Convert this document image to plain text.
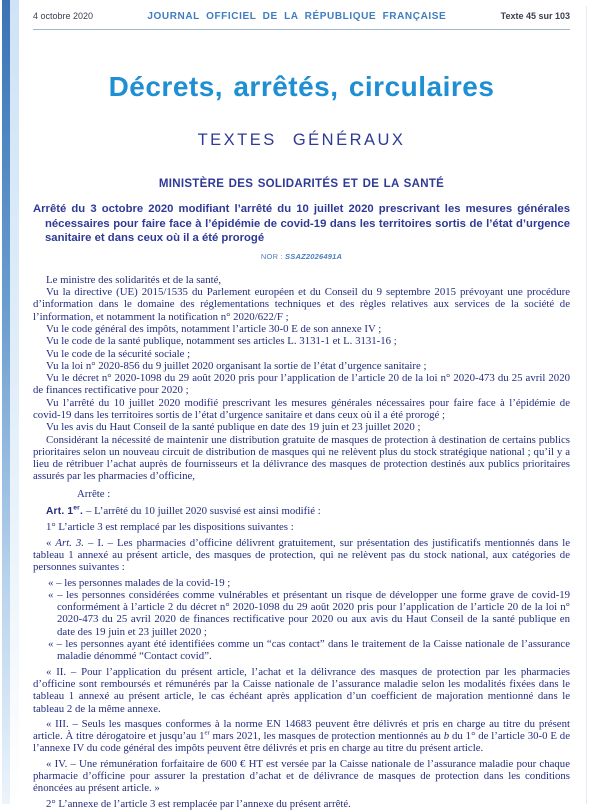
4 octobre 2020	JOURNAL OFFICIEL DE LA RÉPUBLIQUE FRANÇAISE	Texte 45 sur 103
Décrets, arrêtés, circulaires
TEXTES GÉNÉRAUX
MINISTÈRE DES SOLIDARITÉS ET DE LA SANTÉ

Arrêté du 3 octobre 2020 modifiant l’arrêté du 10 juillet 2020 prescrivant les mesures générales nécessaires pour faire face à l’épidémie de covid-19 dans les territoires sortis de l’état d’urgence sanitaire et dans ceux où il a été prorogé

NOR : SSAZ2026491A

Le ministre des solidarités et de la santé,

Vu la directive (UE) 2015/1535 du Parlement européen et du Conseil du 9 septembre 2015 prévoyant une procédure d’information dans le domaine des réglementations techniques et des règles relatives aux services de la société de l’information, et notamment la notification n° 2020/622/F ;

Vu le code général des impôts, notamment l’article 30-0 E de son annexe IV ;

Vu le code de la santé publique, notamment ses articles L. 3131-1 et L. 3131-16 ;

Vu le code de la sécurité sociale ;

Vu la loi n° 2020-856 du 9 juillet 2020 organisant la sortie de l’état d’urgence sanitaire ;

Vu le décret n° 2020-1098 du 29 août 2020 pris pour l’application de l’article 20 de la loi n° 2020-473 du 25 avril 2020 de finances rectificative pour 2020 ;

Vu l’arrêté du 10 juillet 2020 modifié prescrivant les mesures générales nécessaires pour faire face à l’épidémie de covid-19 dans les territoires sortis de l’état d’urgence sanitaire et dans ceux où il a été prorogé ;

Vu les avis du Haut Conseil de la santé publique en date des 19 juin et 23 juillet 2020 ;

Considérant la nécessité de maintenir une distribution gratuite de masques de protection à destination de certains publics prioritaires selon un nouveau circuit de distribution de masques qui ne relèvent plus du stock stratégique national ; qu’il y a lieu de rétribuer l’achat auprès de fournisseurs et la délivrance des masques de protection destinés aux publics prioritaires assurés par les pharmacies d’officine,

Arrête :

Art. 1er. – L’arrêté du 10 juillet 2020 susvisé est ainsi modifié :

1° L’article 3 est remplacé par les dispositions suivantes :

« Art. 3. – I. – Les pharmacies d’officine délivrent gratuitement, sur présentation des justificatifs mentionnés dans le tableau 1 annexé au présent article, des masques de protection, qui ne relèvent pas du stock national, aux catégories de personnes suivantes :

« – les personnes malades de la covid-19 ;

« – les personnes considérées comme vulnérables et présentant un risque de développer une forme grave de covid-19 conformément à l’article 2 du décret n° 2020-1098 du 29 août 2020 pris pour l’application de l’article 20 de la loi n° 2020-473 du 25 avril 2020 de finances rectificative pour 2020 ou aux avis du Haut Conseil de la santé publique en date des 19 juin et 23 juillet 2020 ;

« – les personnes ayant été identifiées comme un “cas contact” dans le traitement de la Caisse nationale de l’assurance maladie dénommé “Contact covid”.

« II. – Pour l’application du présent article, l’achat et la délivrance des masques de protection par les pharmacies d’officine sont remboursés et rémunérés par la Caisse nationale de l’assurance maladie selon les modalités fixées dans le tableau 1 annexé au présent article, le cas échéant après application d’un coefficient de majoration mentionné dans le tableau 2 de la même annexe.

« III. – Seuls les masques conformes à la norme EN 14683 peuvent être délivrés et pris en charge au titre du présent article. À titre dérogatoire et jusqu’au 1er mars 2021, les masques de protection mentionnés au b du 1° de l’article 30-0 E de l’annexe IV du code général des impôts peuvent être délivrés et pris en charge au titre du présent article.

« IV. – Une rémunération forfaitaire de 600 € HT est versée par la Caisse nationale de l’assurance maladie pour chaque pharmacie d’officine pour assurer la prestation d’achat et de délivrance de masques de protection dans les conditions énoncées au présent article. »

2° L’annexe de l’article 3 est remplacée par l’annexe du présent arrêté.
